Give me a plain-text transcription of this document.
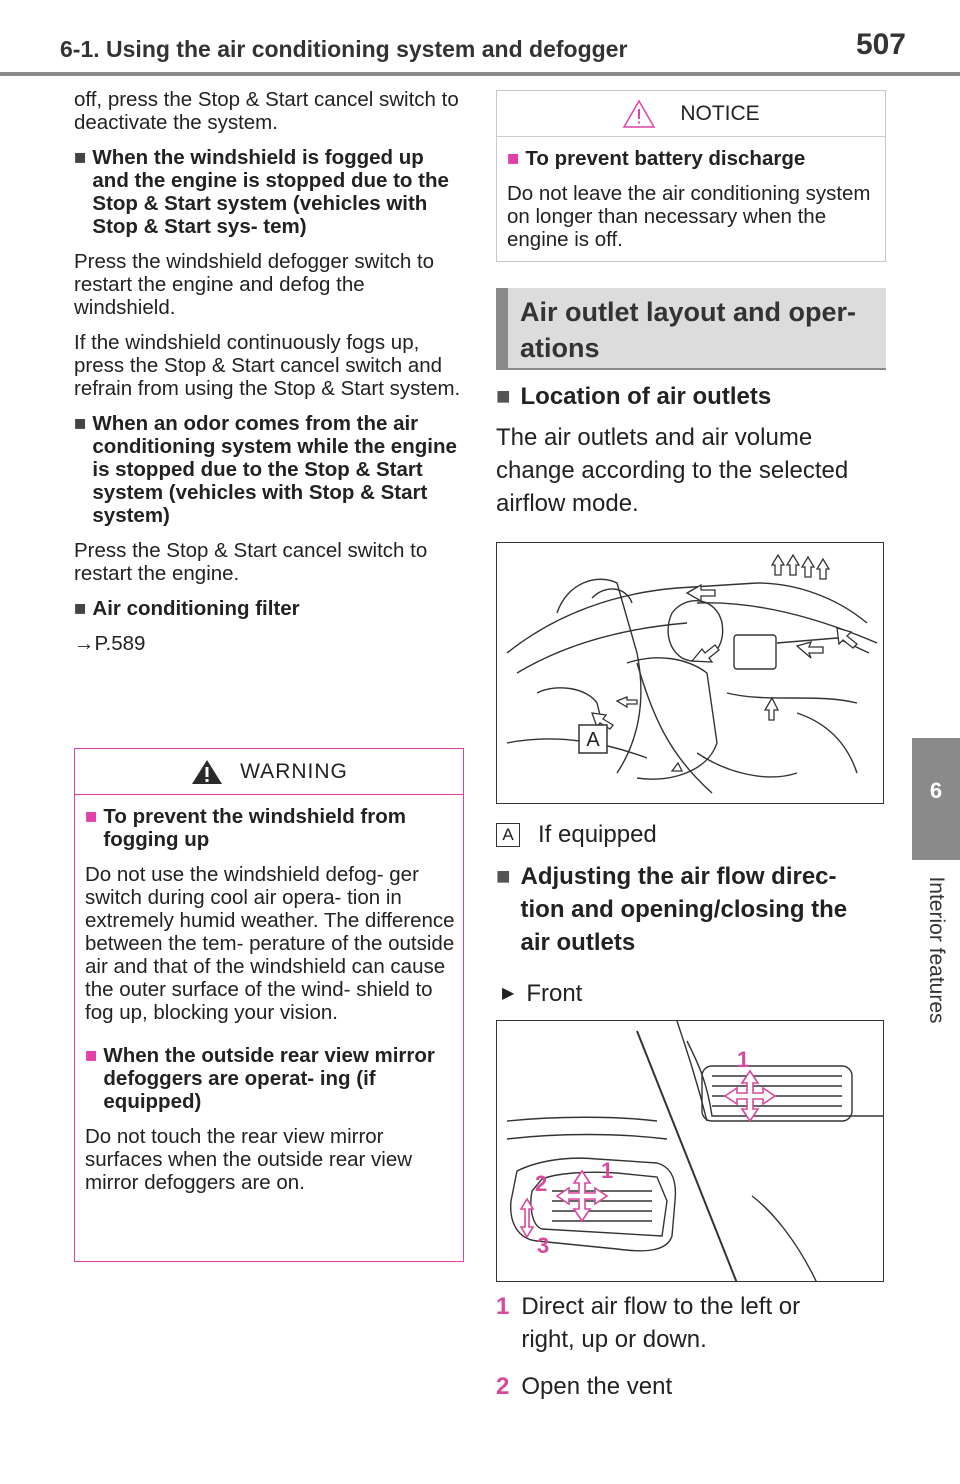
6-1. Using the air conditioning system and defogger	507
6
Interior features

off, press the Stop & Start cancel switch to deactivate the system.

■ When the windshield is fogged up and the engine is stopped due to the Stop & Start system (vehicles with Stop & Start sys- tem)

Press the windshield defogger switch to restart the engine and defog the windshield.

If the windshield continuously fogs up, press the Stop & Start cancel switch and refrain from using the Stop & Start system.

■ When an odor comes from the air conditioning system while the engine is stopped due to the Stop & Start system (vehicles with Stop & Start system)

Press the Stop & Start cancel switch to restart the engine.

■ Air conditioning filter
→P.589
WARNING
■ To prevent the windshield from fogging up

Do not use the windshield defog- ger switch during cool air opera- tion in extremely humid weather. The difference between the tem- perature of the outside air and that of the windshield can cause the outer surface of the wind- shield to fog up, blocking your vision.

■ When the outside rear view mirror defoggers are operat- ing (if equipped)

Do not touch the rear view mirror surfaces when the outside rear view mirror defoggers are on.

NOTICE
■ To prevent battery discharge

Do not leave the air conditioning system on longer than necessary when the engine is off.

Air outlet layout and oper- ations
■ Location of air outlets

The air outlets and air volume change according to the selected airflow mode.

A
A If equipped
■ Adjusting the air flow direc- tion and opening/closing the air outlets
▶ Front
1
1
2
3
1 Direct air flow to the left or right, up or down.
2 Open the vent
